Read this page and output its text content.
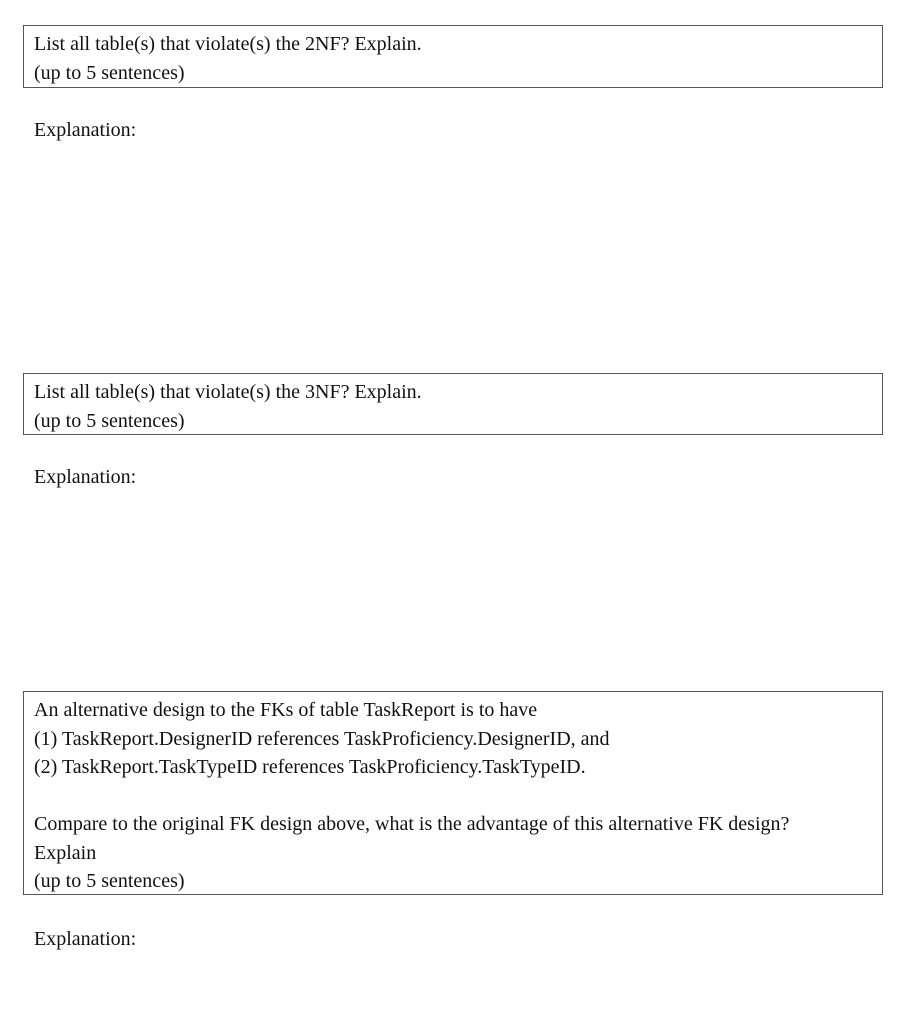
List all table(s) that violate(s) the 2NF? Explain.
(up to 5 sentences)
Explanation:
List all table(s) that violate(s) the 3NF? Explain.
(up to 5 sentences)
Explanation:
An alternative design to the FKs of table TaskReport is to have
(1) TaskReport.DesignerID references TaskProficiency.DesignerID, and
(2) TaskReport.TaskTypeID references TaskProficiency.TaskTypeID.
Compare to the original FK design above, what is the advantage of this alternative FK design?
Explain
(up to 5 sentences)
Explanation:
